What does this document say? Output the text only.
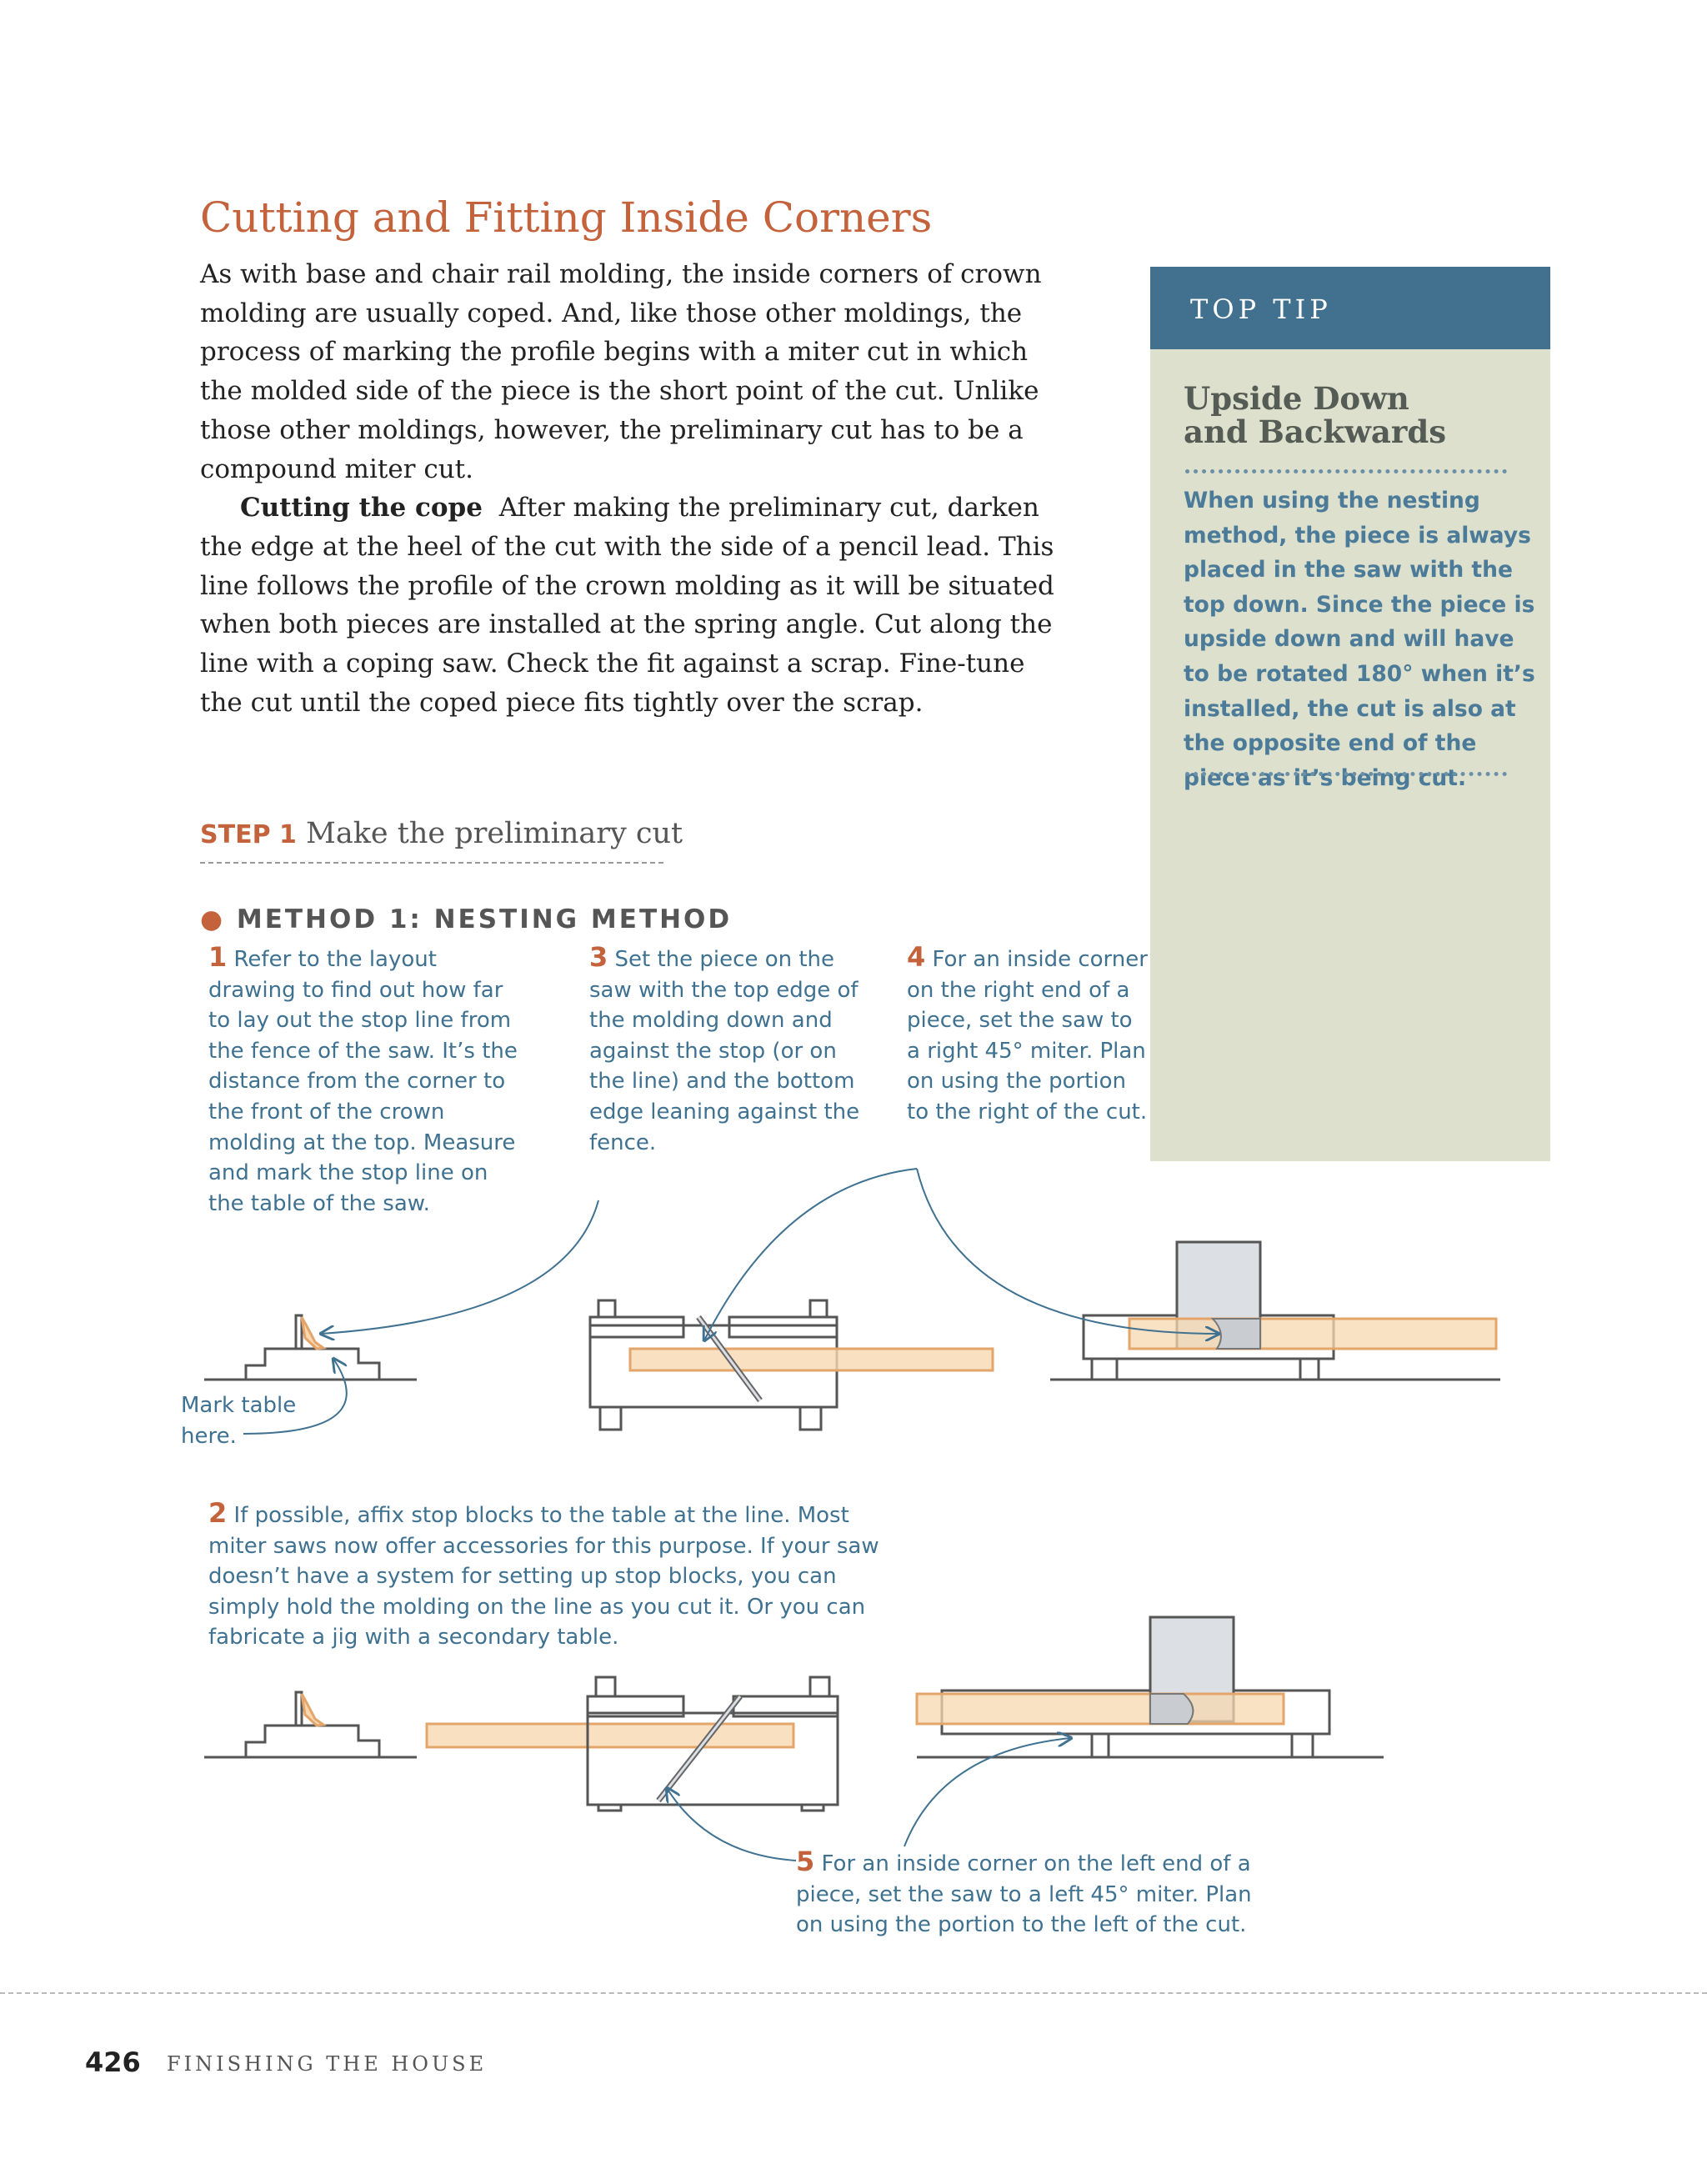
Cutting and Fitting Inside Corners

As with base and chair rail molding, the inside corners of crown molding are usually coped. And, like those other moldings, the process of marking the profile begins with a miter cut in which the molded side of the piece is the short point of the cut. Unlike those other moldings, however, the preliminary cut has to be a compound miter cut.

Cutting the cope After making the preliminary cut, darken the edge at the heel of the cut with the side of a pencil lead. This line follows the profile of the crown molding as it will be situated when both pieces are installed at the spring angle. Cut along the line with a coping saw. Check the fit against a scrap. Fine-tune the cut until the coped piece fits tightly over the scrap.

TOP TIP
Upside Down
and Backwards
When using the nesting method, the piece is always placed in the saw with the top down. Since the piece is upside down and will have to be rotated 180° when it’s installed, the cut is also at the opposite end of the piece as it’s being cut.
STEP 1 Make the preliminary cut
● METHOD 1: NESTING METHOD
1 Refer to the layout drawing to find out how far to lay out the stop line from the fence of the saw. It’s the distance from the corner to the front of the crown molding at the top. Measure and mark the stop line on the table of the saw.
3 Set the piece on the saw with the top edge of the molding down and against the stop (or on the line) and the bottom edge leaning against the fence.
4 For an inside corner on the right end of a piece, set the saw to a right 45° miter. Plan on using the portion to the right of the cut.
Mark table here.
2 If possible, affix stop blocks to the table at the line. Most miter saws now offer accessories for this purpose. If your saw doesn’t have a system for setting up stop blocks, you can simply hold the molding on the line as you cut it. Or you can fabricate a jig with a secondary table.
5 For an inside corner on the left end of a piece, set the saw to a left 45° miter. Plan on using the portion to the left of the cut.
426 FINISHING THE HOUSE
